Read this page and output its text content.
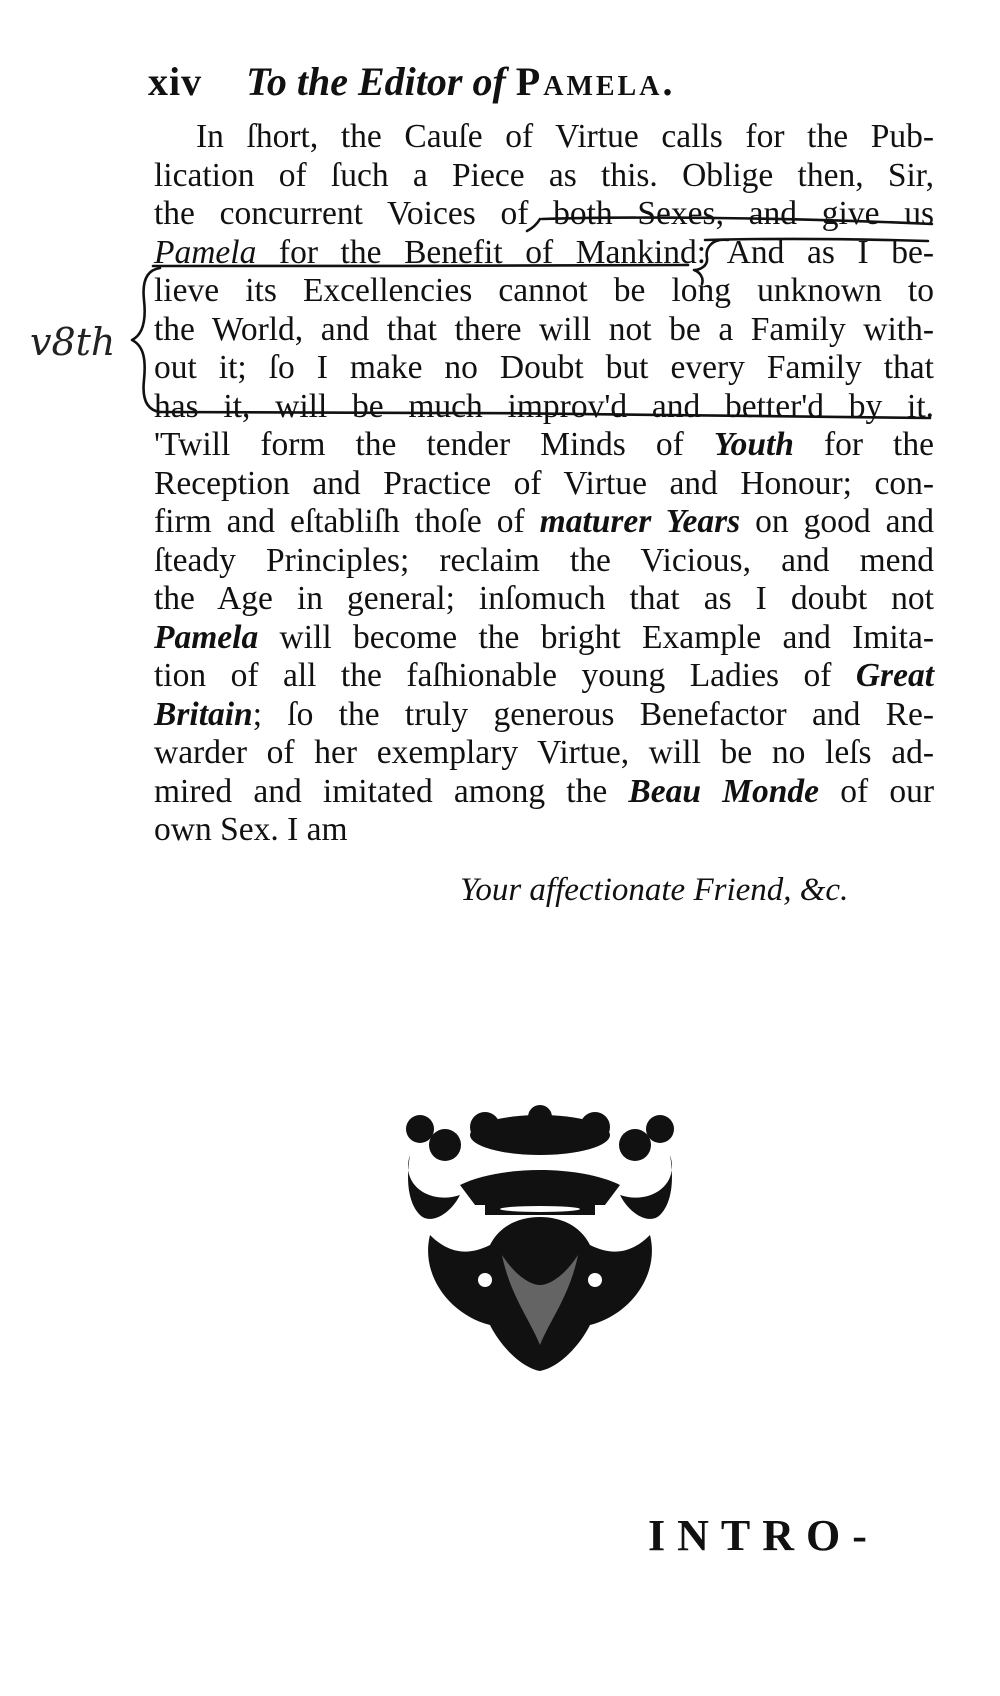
xiv To the Editor of Pamela.
In ſhort, the Cauſe of Virtue calls for the Pub-
lication of ſuch a Piece as this. Oblige then, Sir,
the concurrent Voices of both Sexes, and give us
Pamela for the Benefit of Mankind: And as I be-
lieve its Excellencies cannot be long unknown to
the World, and that there will not be a Family with-
out it; ſo I make no Doubt but every Family that
has it, will be much improv'd and better'd by it.
'Twill form the tender Minds of Youth for the
Reception and Practice of Virtue and Honour; con-
firm and eſtabliſh thoſe of maturer Years on good and
ſteady Principles; reclaim the Vicious, and mend
the Age in general; inſomuch that as I doubt not
Pamela will become the bright Example and Imita-
tion of all the faſhionable young Ladies of Great
Britain; ſo the truly generous Benefactor and Re-
warder of her exemplary Virtue, will be no leſs ad-
mired and imitated among the Beau Monde of our
own Sex. I am
v8th
Your affectionate Friend, &c.
INTRO-
